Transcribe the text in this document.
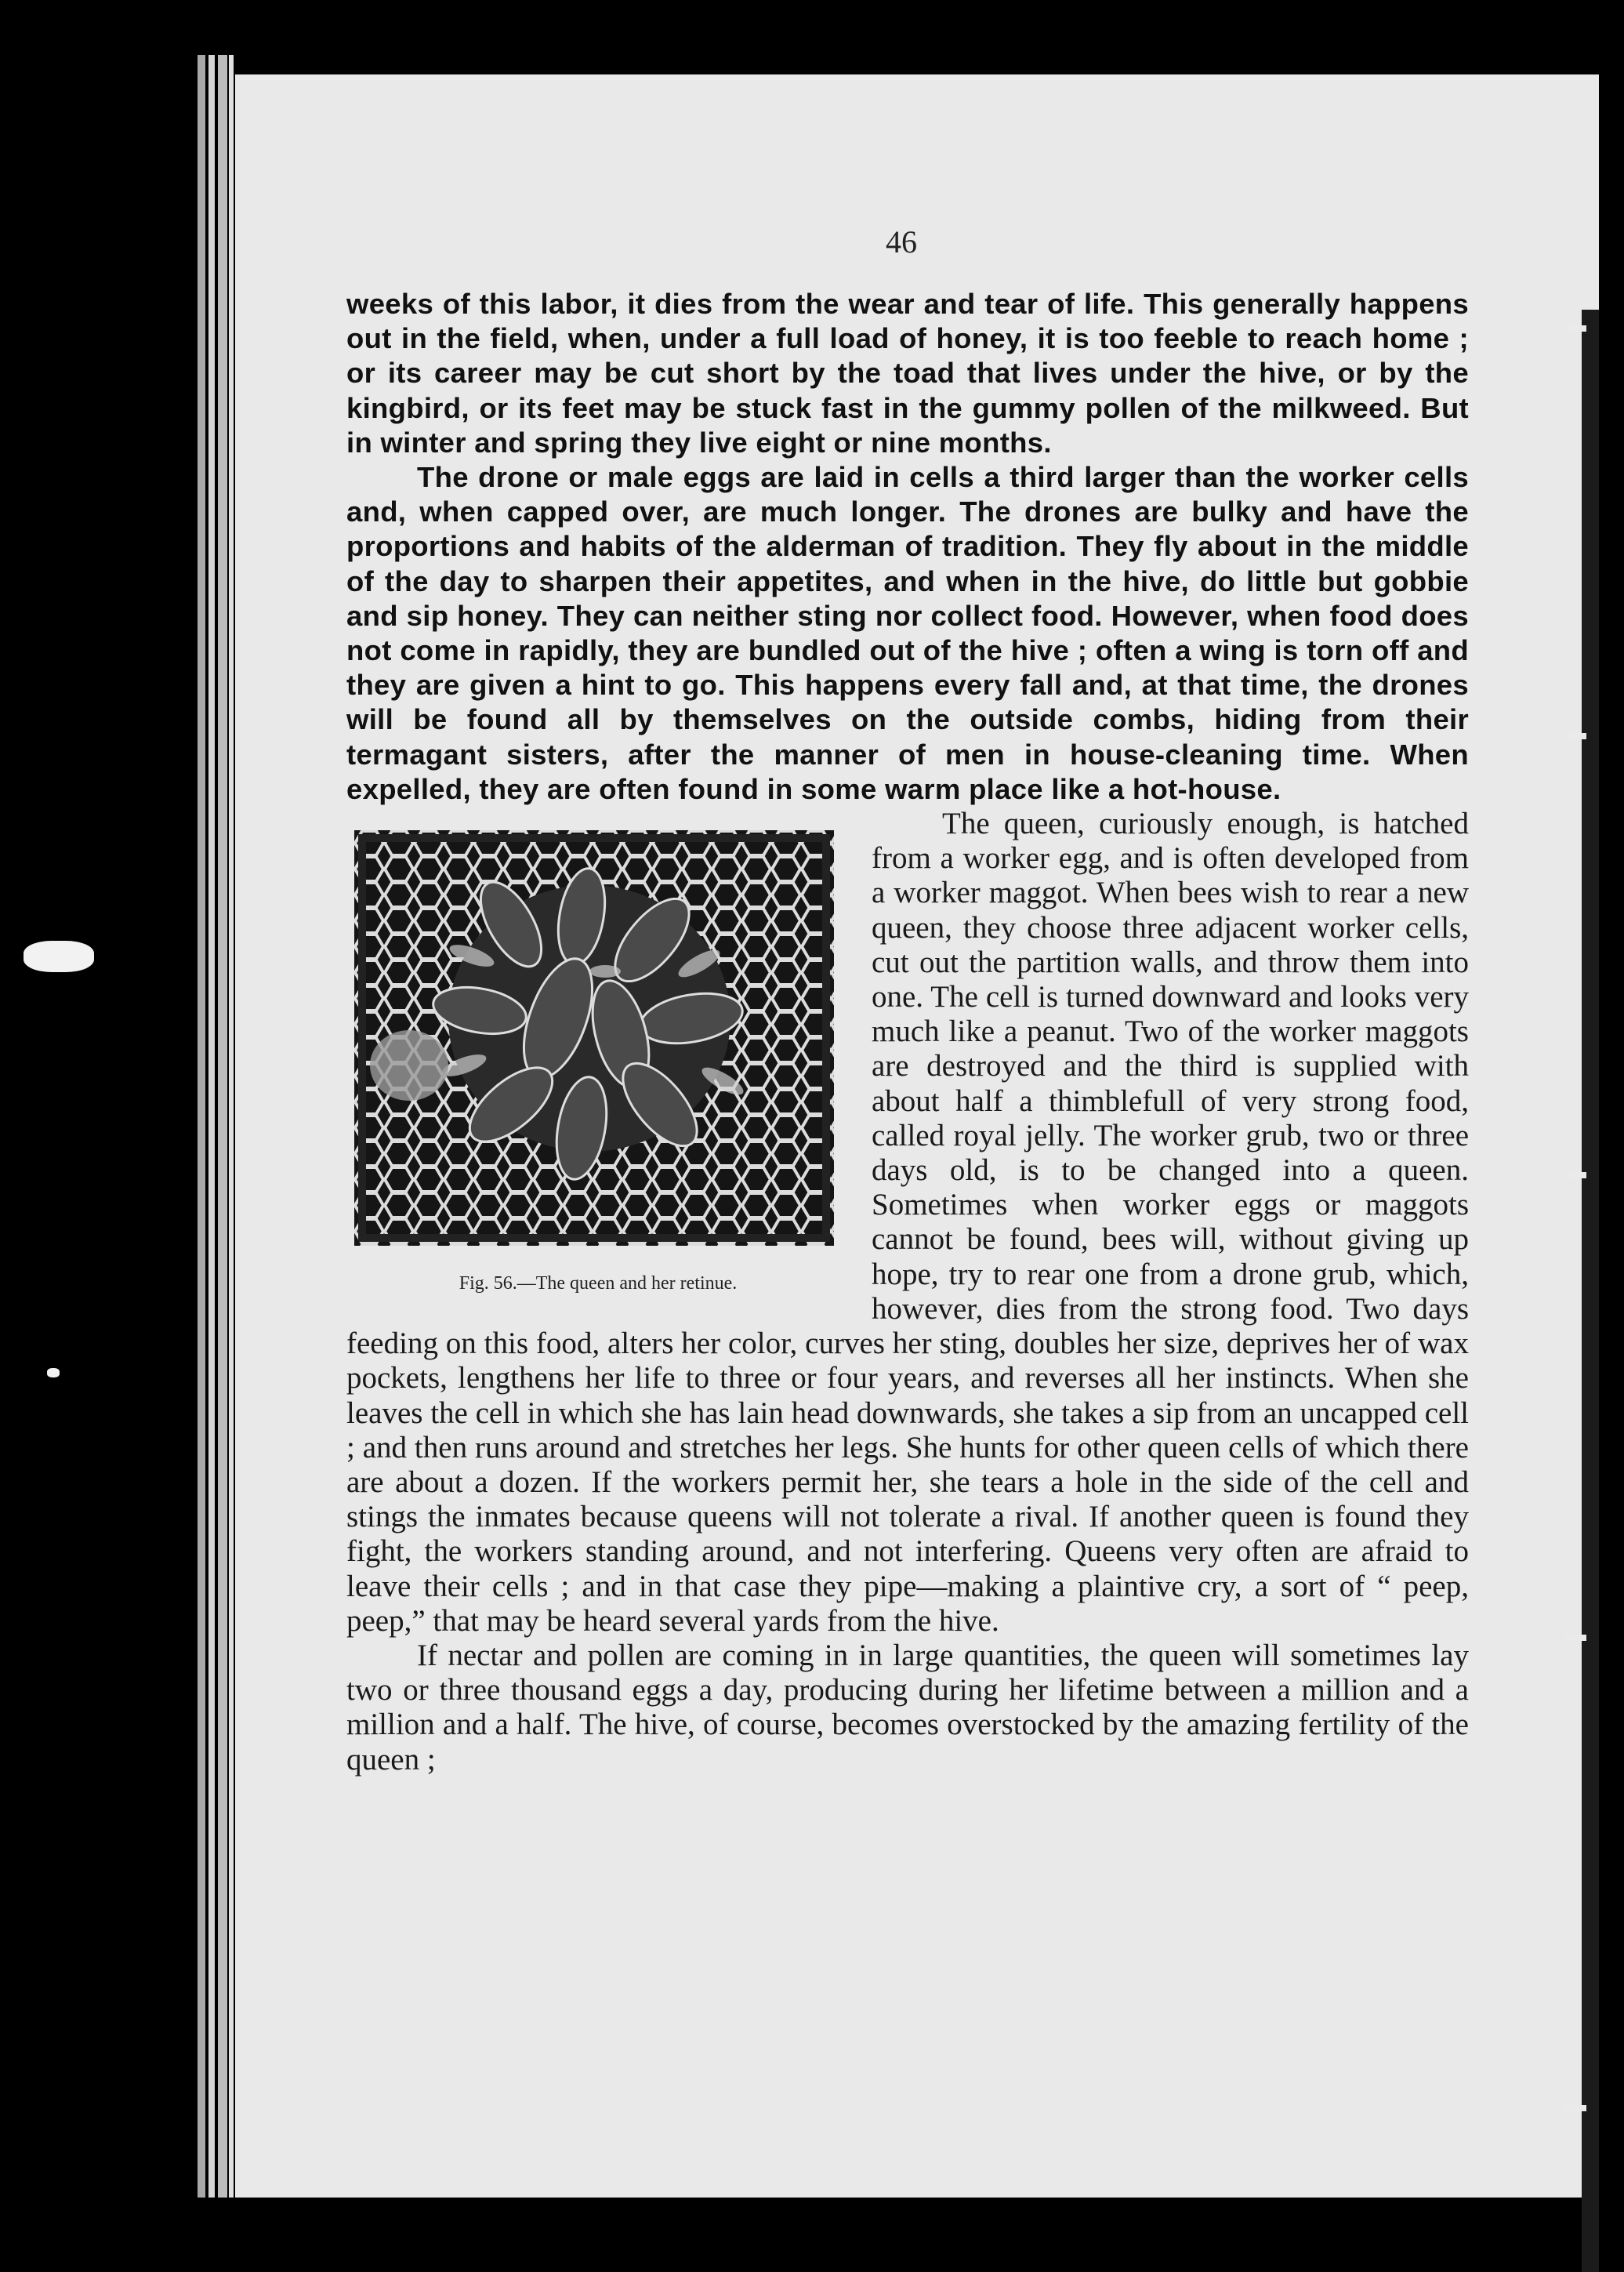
46

weeks of this labor, it dies from the wear and tear of life. This generally happens out in the field, when, under a full load of honey, it is too feeble to reach home ; or its career may be cut short by the toad that lives under the hive, or by the kingbird, or its feet may be stuck fast in the gummy pollen of the milkweed. But in winter and spring they live eight or nine months.

The drone or male eggs are laid in cells a third larger than the worker cells and, when capped over, are much longer. The drones are bulky and have the proportions and habits of the alderman of tradition. They fly about in the middle of the day to sharpen their appetites, and when in the hive, do little but gobbie and sip honey. They can neither sting nor collect food. However, when food does not come in rapidly, they are bundled out of the hive ; often a wing is torn off and they are given a hint to go. This happens every fall and, at that time, the drones will be found all by themselves on the outside combs, hiding from their termagant sisters, after the manner of men in house-cleaning time. When expelled, they are often found in some warm place like a hot-house.

Fig. 56.—The queen and her retinue.

The queen, curiously enough, is hatched from a worker egg, and is often developed from a worker maggot. When bees wish to rear a new queen, they choose three adjacent worker cells, cut out the partition walls, and throw them into one. The cell is turned downward and looks very much like a peanut. Two of the worker maggots are destroyed and the third is supplied with about half a thimblefull of very strong food, called royal jelly. The worker grub, two or three days old, is to be changed into a queen. Sometimes when worker eggs or maggots cannot be found, bees will, without giving up hope, try to rear one from a drone grub, which, however, dies from the strong food. Two days feeding on this food, alters her color, curves her sting, doubles her size, deprives her of wax pockets, lengthens her life to three or four years, and reverses all her instincts. When she leaves the cell in which she has lain head downwards, she takes a sip from an uncapped cell ; and then runs around and stretches her legs. She hunts for other queen cells of which there are about a dozen. If the workers permit her, she tears a hole in the side of the cell and stings the inmates because queens will not tolerate a rival. If another queen is found they fight, the workers standing around, and not interfering. Queens very often are afraid to leave their cells ; and in that case they pipe—making a plaintive cry, a sort of “ peep, peep,” that may be heard several yards from the hive.

If nectar and pollen are coming in in large quantities, the queen will sometimes lay two or three thousand eggs a day, producing during her lifetime between a million and a million and a half. The hive, of course, becomes overstocked by the amazing fertility of the queen ;
